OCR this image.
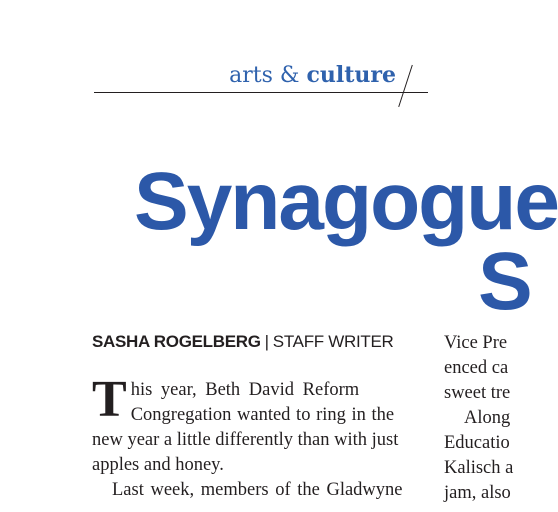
arts & culture
Synagogue
S
SASHA ROGELBERG | STAFF WRITER
T his year, Beth David Reform
Congregation wanted to ring in the
new year a little differently than with just
apples and honey.
Last week, members of the Gladwyne
Vice Pre
enced ca
sweet tre
Along
Educatio
Kalisch a
jam, also
